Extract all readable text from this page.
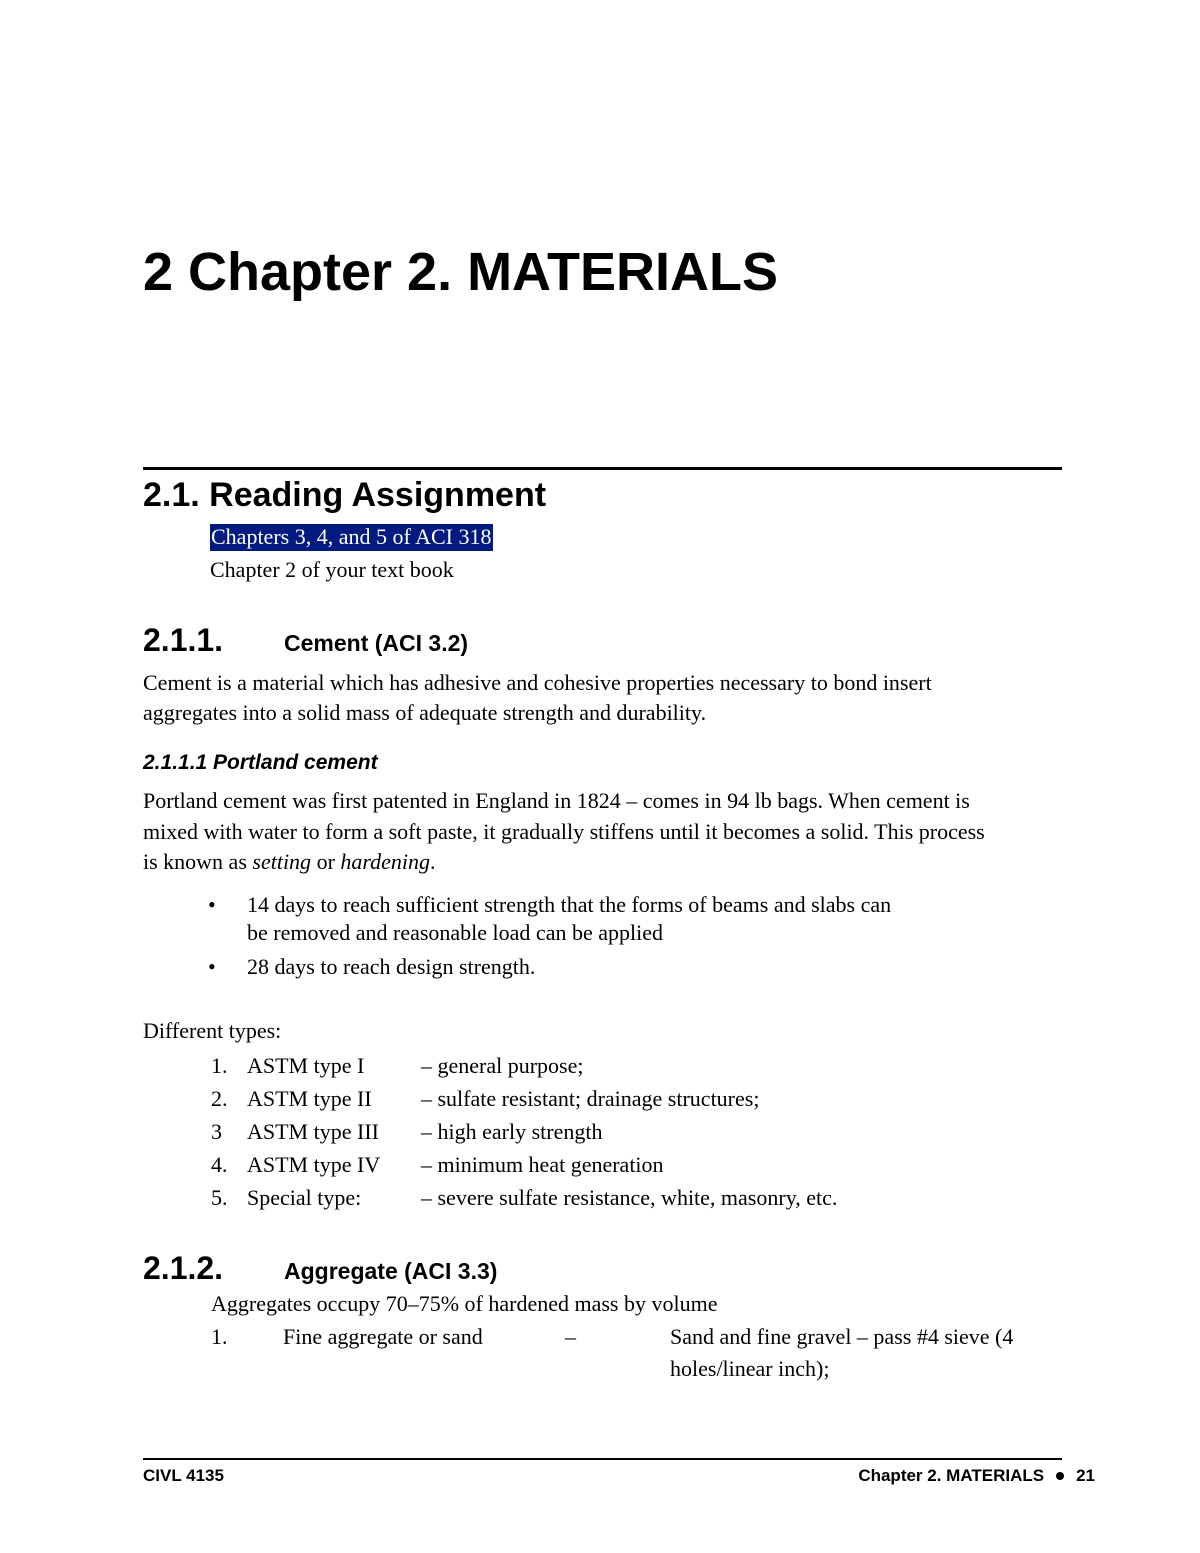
2 Chapter 2. MATERIALS
2.1. Reading Assignment
Chapters 3, 4, and 5 of ACI 318
Chapter 2 of your text book
2.1.1.	Cement (ACI 3.2)
Cement is a material which has adhesive and cohesive properties necessary to bond insert
aggregates into a solid mass of adequate strength and durability.
2.1.1.1 Portland cement
Portland cement was first patented in England in 1824 – comes in 94 lb bags. When cement is
mixed with water to form a soft paste, it gradually stiffens until it becomes a solid. This process
is known as setting or hardening.
• 14 days to reach sufficient strength that the forms of beams and slabs can
be removed and reasonable load can be applied
• 28 days to reach design strength.
Different types:
1. ASTM type I	– general purpose;
2. ASTM type II – sulfate resistant; drainage structures;
3 ASTM type III – high early strength
4. ASTM type IV – minimum heat generation
5. Special type:	– severe sulfate resistance, white, masonry, etc.
2.1.2.	Aggregate (ACI 3.3)
Aggregates occupy 70–75% of hardened mass by volume
1.	Fine aggregate or sand	–	Sand and fine gravel – pass #4 sieve (4
holes/linear inch);
CIVL 4135	Chapter 2. MATERIALS 21
